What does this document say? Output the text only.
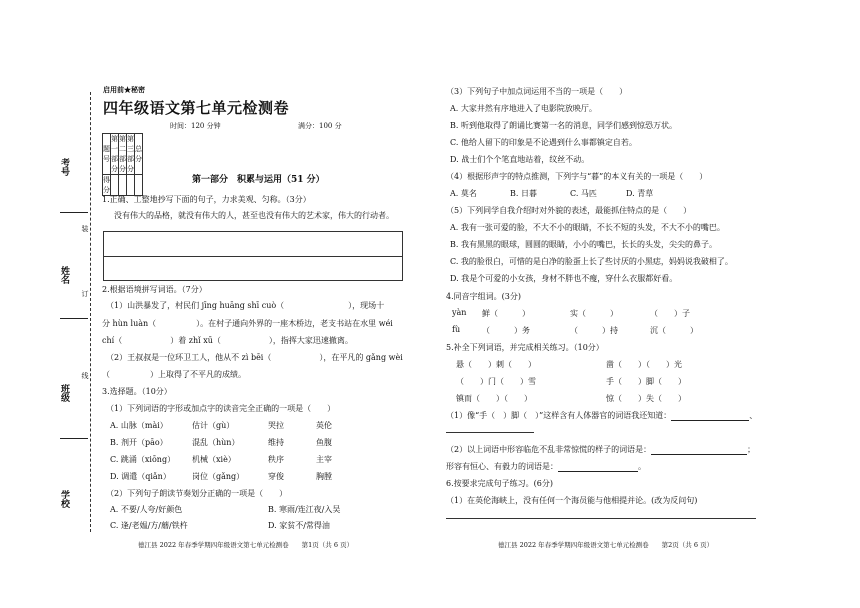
装
订
线
考号
姓名
班级
学校
启用前★秘密
四年级语文第七单元检测卷
时间：120 分钟	满分：100 分
题 号	第一部分	第二部分	第三部分	总 分
得 分				
第一部分　积累与运用（51 分）
1.正确、工整地抄写下面的句子，力求美观、匀称。（3分）
没有伟大的品格，就没有伟大的人，甚至也没有伟大的艺术家，伟大的行动者。
2.根据语境拼写词语。（7分）
（1）山洪暴发了，村民们 jīng huāng shī cuò（　　　　　　　　），现场十
分 hùn luàn（　　　　　）。在村子通向外界的一座木桥边，老支书站在水里 wéi
chí（　　　　　　）着 zhǐ xū（　　　　　　），指挥大家迅速撤离。
（2）王叔叔是一位环卫工人，他从不 zì bēi（　　　　　　），在平凡的 gǎng wèi
（　　　　　）上取得了不平凡的成绩。
3.选择题。（10分）
（1）下列词语的字形或加点字的读音完全正确的一项是（　　）
A. 山脉（mài）	估计（gù）	哭拉	英伦
B. 剂开（pāo）	混乱（hùn）	维持	鱼腹
C. 跳涌（xiōng） 机械（xiè）	秩序	主宰
D. 调遣（qiǎn）	岗位（gǎng）	穿俊	胸膛
（2）下列句子朗读节奏划分正确的一项是（　　）
A. 不要/人夸/好颜色	B. 寒雨/连江夜/入吴
C. 逢/老媪/方/蘑/铁杵	D. 家贫不/常得油
德江县 2022 年春季学期四年级语文第七单元检测卷　　第1页（共 6 页）
（3）下列句子中加点词运用不当的一项是（　　）
A. 大家井然有序地进入了电影院放映厅。
B. 听到他取得了朗诵比赛第一名的消息，同学们感到惊恐万状。
C. 他给人留下的印象是不论遇到什么事都镇定自若。
D. 战士们个个笔直地站着，纹丝不动。
（4）根据形声字的特点推测，下列字与“暮”的本义有关的一项是（　　）
A. 莫名	B. 日暮	C. 马匹	D. 青草
（5）下列同学自我介绍时对外貌的表述，最能抓住特点的是（　　）
A. 我有一张可爱的脸，不大不小的眼睛，不长不短的头发，不大不小的嘴巴。
B. 我有黑黑的眼球，圆圆的眼睛，小小的嘴巴，长长的头发，尖尖的鼻子。
C. 我的脸很白，可惜的是白净的脸蛋上长了些讨厌的小黑痣，妈妈说我破相了。
D. 我是个可爱的小女孩，身材不胖也不瘦，穿什么衣服都好看。
4.同音字组词。(3分)
yàn 鲜（　　　）	实（　　　）	（　　）子
fù	（　　　）务	（　　　）持	沉（　　　）
5.补全下列词语，并完成相关练习。（10分）
悬（　　）刺（　　）	凿（　　）（　　）光
（　　）门（　　）雪	手（　　）脚（　　）
镇而（　　）（　　）	惊（　　）失（　　）
（1）像“手（　）脚（　）”这样含有人体器官的词语我还知道：	、
（2）以上词语中形容临危不乱非常惊慌的样子的词语是：	；
形容有恒心、有毅力的词语是：	。
6.按要求完成句子练习。(6分)
（1）在英伦海峡上，没有任何一个海员能与他相提并论。(改为反问句)
德江县 2022 年春季学期四年级语文第七单元检测卷　　第2页（共 6 页）
